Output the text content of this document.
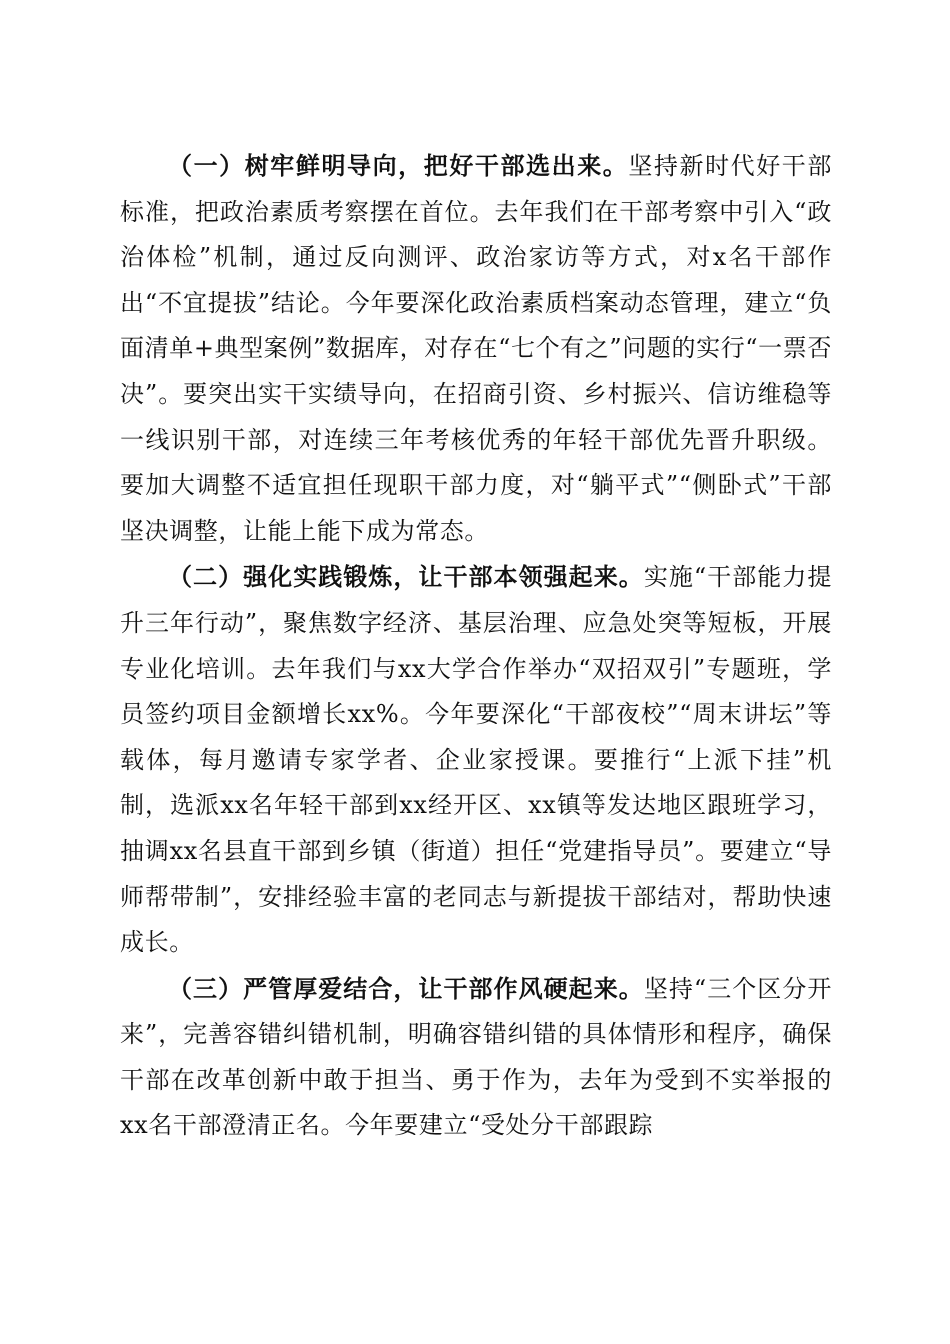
（一）树牢鲜明导向，把好干部选出来。坚持新时代好干部标准，把政治素质考察摆在首位。去年我们在干部考察中引入“政治体检”机制，通过反向测评、政治家访等方式，对x名干部作出“不宜提拔”结论。今年要深化政治素质档案动态管理，建立“负面清单+典型案例”数据库，对存在“七个有之”问题的实行“一票否决”。要突出实干实绩导向，在招商引资、乡村振兴、信访维稳等一线识别干部，对连续三年考核优秀的年轻干部优先晋升职级。要加大调整不适宜担任现职干部力度，对“躺平式”“侧卧式”干部坚决调整，让能上能下成为常态。

（二）强化实践锻炼，让干部本领强起来。实施“干部能力提升三年行动”，聚焦数字经济、基层治理、应急处突等短板，开展专业化培训。去年我们与xx大学合作举办“双招双引”专题班，学员签约项目金额增长xx%。今年要深化“干部夜校”“周末讲坛”等载体，每月邀请专家学者、企业家授课。要推行“上派下挂”机制，选派xx名年轻干部到xx经开区、xx镇等发达地区跟班学习，抽调xx名县直干部到乡镇（街道）担任“党建指导员”。要建立“导师帮带制”，安排经验丰富的老同志与新提拔干部结对，帮助快速成长。

（三）严管厚爱结合，让干部作风硬起来。坚持“三个区分开来”，完善容错纠错机制，明确容错纠错的具体情形和程序，确保干部在改革创新中敢于担当、勇于作为，去年为受到不实举报的xx名干部澄清正名。今年要建立“受处分干部跟踪
